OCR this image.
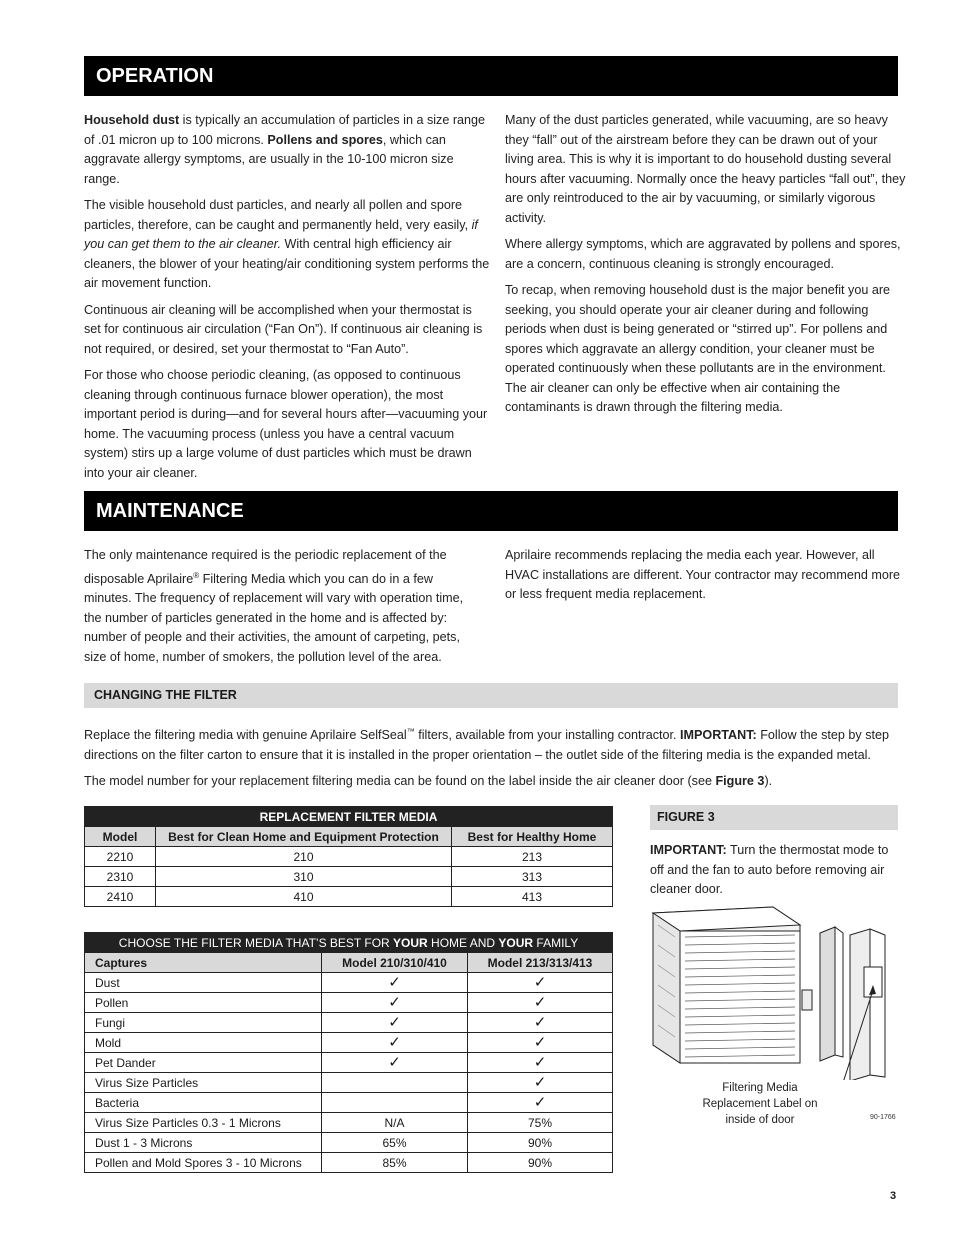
OPERATION

Household dust is typically an accumulation of particles in a size range of .01 micron up to 100 microns. Pollens and spores, which can aggravate allergy symptoms, are usually in the 10-100 micron size range.

The visible household dust particles, and nearly all pollen and spore particles, therefore, can be caught and permanently held, very easily, if you can get them to the air cleaner. With central high efficiency air cleaners, the blower of your heating/air conditioning system performs the air movement function.

Continuous air cleaning will be accomplished when your thermostat is set for continuous air circulation (“Fan On”). If continuous air cleaning is not required, or desired, set your thermostat to “Fan Auto”.

For those who choose periodic cleaning, (as opposed to continuous cleaning through continuous furnace blower operation), the most important period is during—and for several hours after—vacuuming your home. The vacuuming process (unless you have a central vacuum system) stirs up a large volume of dust particles which must be drawn into your air cleaner.

Many of the dust particles generated, while vacuuming, are so heavy they “fall” out of the airstream before they can be drawn out of your living area. This is why it is important to do household dusting several hours after vacuuming. Normally once the heavy particles “fall out”, they are only reintroduced to the air by vacuuming, or similarly vigorous activity.

Where allergy symptoms, which are aggravated by pollens and spores, are a concern, continuous cleaning is strongly encouraged.

To recap, when removing household dust is the major benefit you are seeking, you should operate your air cleaner during and following periods when dust is being generated or “stirred up”. For pollens and spores which aggravate an allergy condition, your cleaner must be operated continuously when these pollutants are in the environment. The air cleaner can only be effective when air containing the contaminants is drawn through the filtering media.

MAINTENANCE

The only maintenance required is the periodic replacement of the disposable Aprilaire® Filtering Media which you can do in a few minutes. The frequency of replacement will vary with operation time, the number of particles generated in the home and is affected by: number of people and their activities, the amount of carpeting, pets, size of home, number of smokers, the pollution level of the area.

Aprilaire recommends replacing the media each year. However, all HVAC installations are different. Your contractor may recommend more or less frequent media replacement.

CHANGING THE FILTER

Replace the filtering media with genuine Aprilaire SelfSeal™ filters, available from your installing contractor. IMPORTANT: Follow the step by step directions on the filter carton to ensure that it is installed in the proper orientation – the outlet side of the filtering media is the expanded metal.

The model number for your replacement filtering media can be found on the label inside the air cleaner door (see Figure 3).

REPLACEMENT FILTER MEDIA		
Model	Best for Clean Home and Equipment Protection	Best for Healthy Home
2210	210	213
2310	310	313
2410	410	413
CHOOSE THE FILTER MEDIA THAT’S BEST FOR YOUR HOME AND YOUR FAMILY		
Captures	Model 210/310/410	Model 213/313/413
Dust	✓	✓
Pollen	✓	✓
Fungi	✓	✓
Mold	✓	✓
Pet Dander	✓	✓
Virus Size Particles		✓
Bacteria		✓
Virus Size Particles 0.3 - 1 Microns	N/A	75%
Dust 1 - 3 Microns	65%	90%
Pollen and Mold Spores 3 - 10 Microns	85%	90%
FIGURE 3

IMPORTANT: Turn the thermostat mode to off and the fan to auto before removing air cleaner door.

Filtering Media
Replacement Label on
inside of door	90-1766
3
